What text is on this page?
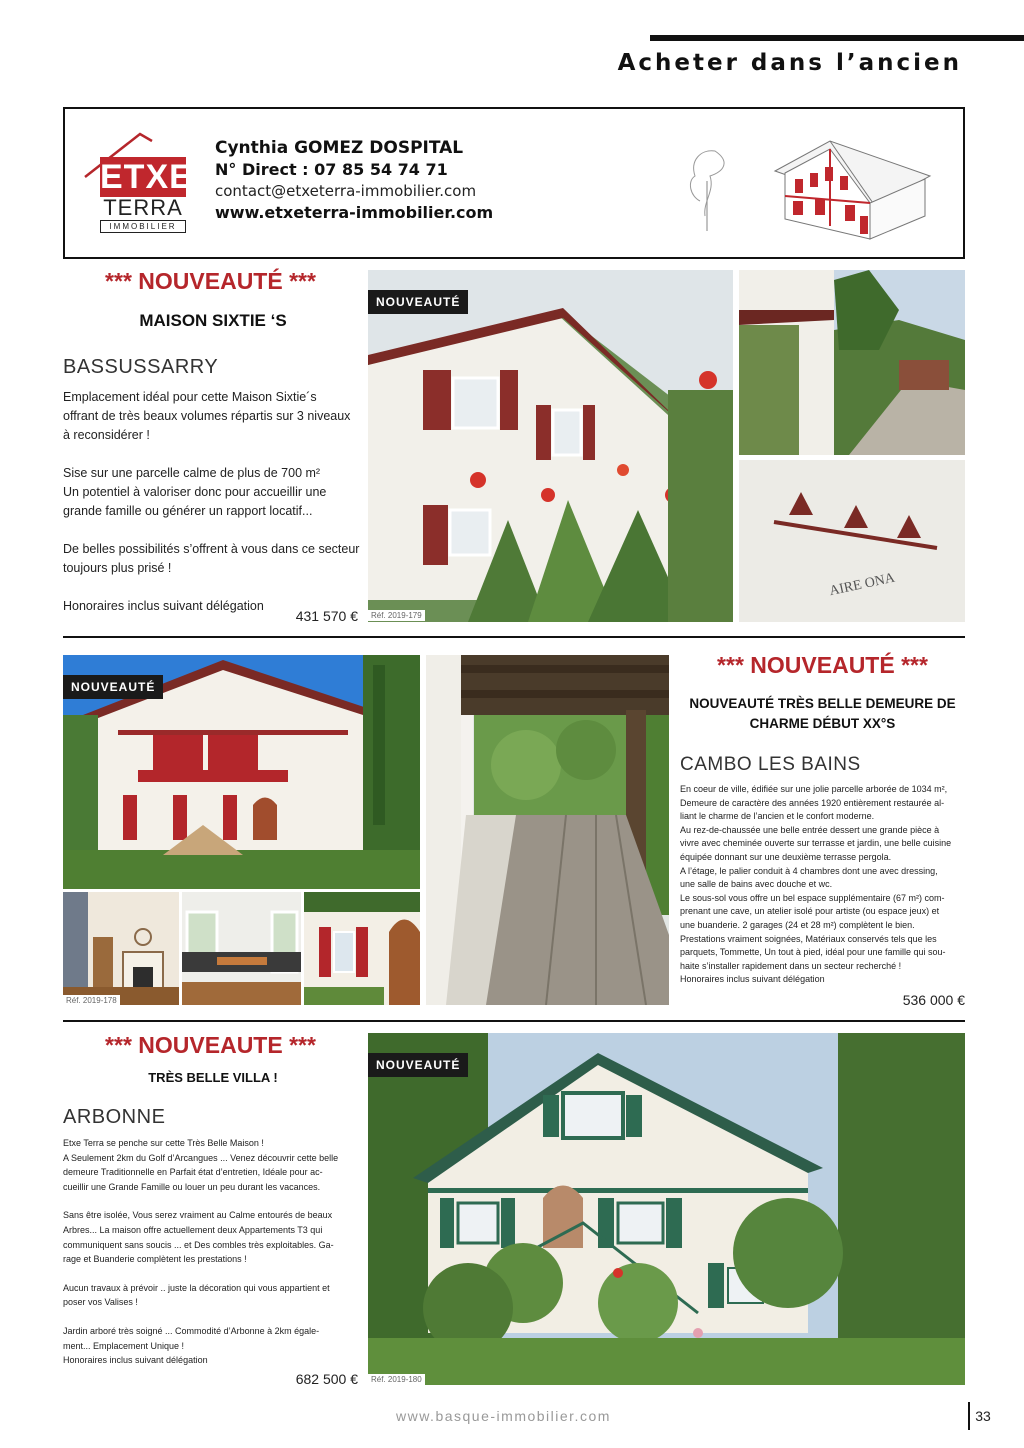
Acheter dans l’ancien
ETXE
TERRA
IMMOBILIER
Cynthia GOMEZ DOSPITAL
N° Direct : 07 85 54 74 71
contact@etxeterra-immobilier.com
www.etxeterra-immobilier.com
*** NOUVEAUTÉ ***
MAISON SIXTIE ‘S
BASSUSSARRY
Emplacement idéal pour cette Maison Sixtie´s
offrant de très beaux volumes répartis sur 3 niveaux
à reconsidérer !
Sise sur une parcelle calme de plus de 700 m²
Un potentiel à valoriser donc pour accueillir une
grande famille ou générer un rapport locatif...
De belles possibilités s’offrent à vous dans ce secteur
toujours plus prisé !
Honoraires inclus suivant délégation
431 570 €
NOUVEAUTÉ
Réf. 2019-179
AIRE ONA
NOUVEAUTÉ
Réf. 2019-178
*** NOUVEAUTÉ ***
NOUVEAUTÉ TRÈS BELLE DEMEURE DE
CHARME DÉBUT XX°S
CAMBO LES BAINS
En coeur de ville, édifiée sur une jolie parcelle arborée de 1034 m²,
Demeure de caractère des années 1920 entièrement restaurée al-
liant le charme de l’ancien et le confort moderne.
Au rez-de-chaussée une belle entrée dessert une grande pièce à
vivre avec cheminée ouverte sur terrasse et jardin, une belle cuisine
équipée donnant sur une deuxième terrasse pergola.
A l’étage, le palier conduit à 4 chambres dont une avec dressing,
une salle de bains avec douche et wc.
Le sous-sol vous offre un bel espace supplémentaire (67 m²) com-
prenant une cave, un atelier isolé pour artiste (ou espace jeux) et
une buanderie. 2 garages (24 et 28 m²) complètent le bien.
Prestations vraiment soignées, Matériaux conservés tels que les
parquets, Tommette, Un tout à pied, idéal pour une famille qui sou-
haite s’installer rapidement dans un secteur recherché !
Honoraires inclus suivant délégation
536 000 €
*** NOUVEAUTE ***
TRÈS BELLE VILLA !
ARBONNE
Etxe Terra se penche sur cette Très Belle Maison !
A Seulement 2km du Golf d’Arcangues ... Venez découvrir cette belle
demeure Traditionnelle en Parfait état d’entretien, Idéale pour ac-
cueillir une Grande Famille ou louer un peu durant les vacances.
Sans être isolée, Vous serez vraiment au Calme entourés de beaux
Arbres... La maison offre actuellement deux Appartements T3 qui
communiquent sans soucis ... et Des combles très exploitables. Ga-
rage et Buanderie complètent les prestations !
Aucun travaux à prévoir .. juste la décoration qui vous appartient et
poser vos Valises !
Jardin arboré très soigné ... Commodité d’Arbonne à 2km égale-
ment... Emplacement Unique !
Honoraires inclus suivant délégation
682 500 €
NOUVEAUTÉ
Réf. 2019-180
www.basque-immobilier.com	33
